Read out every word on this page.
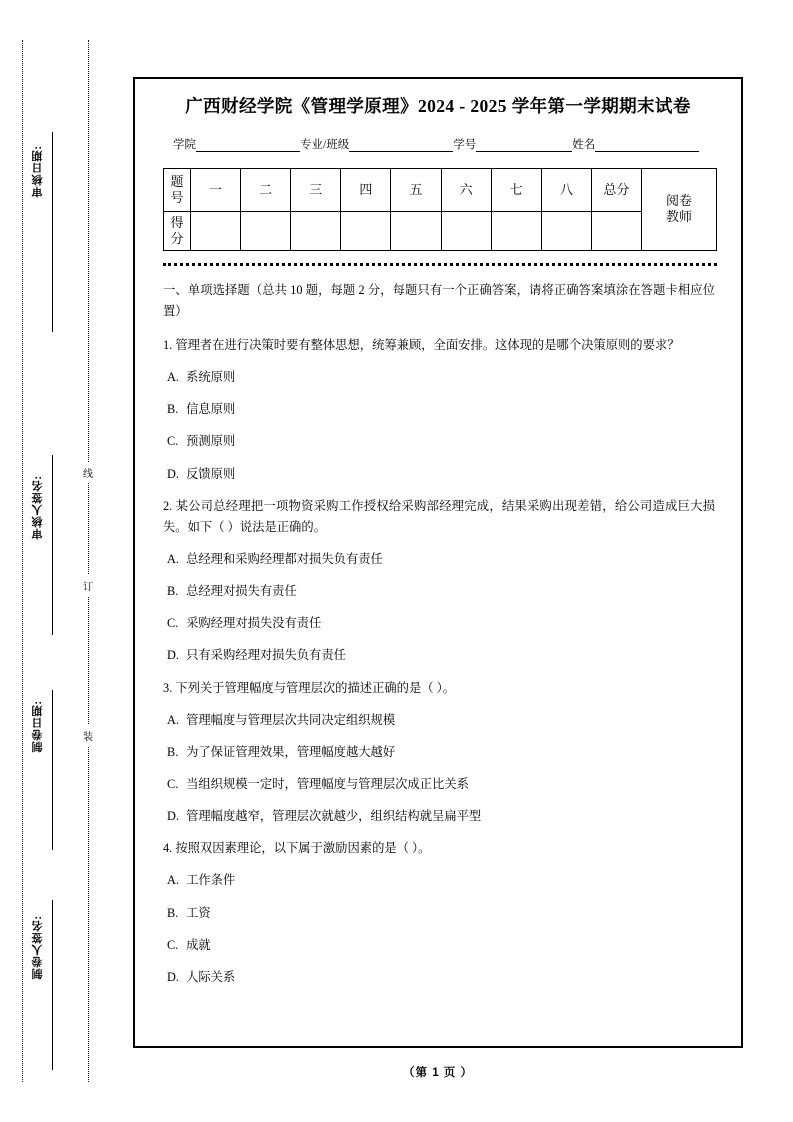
审核日期:
审核人签名:
制卷日期:
制卷人签名:
线
订
装
广西财经学院《管理学原理》2024 - 2025 学年第一学期期末试卷
学院	专业/班级	学号	姓名
题
号	一	二	三	四	五	六	七	八	总分	阅卷
教师

得
分										

一、单项选择题（总共 10 题，每题 2 分，每题只有一个正确答案，请将正确答案填涂在答题卡相应位置）
1. 管理者在进行决策时要有整体思想，统筹兼顾，全面安排。这体现的是哪个决策原则的要求？
A. 系统原则
B. 信息原则
C. 预测原则
D. 反馈原则
2. 某公司总经理把一项物资采购工作授权给采购部经理完成，结果采购出现差错，给公司造成巨大损失。如下（ ）说法是正确的。
A. 总经理和采购经理都对损失负有责任
B. 总经理对损失有责任
C. 采购经理对损失没有责任
D. 只有采购经理对损失负有责任
3. 下列关于管理幅度与管理层次的描述正确的是（ ）。
A. 管理幅度与管理层次共同决定组织规模
B. 为了保证管理效果，管理幅度越大越好
C. 当组织规模一定时，管理幅度与管理层次成正比关系
D. 管理幅度越窄，管理层次就越少，组织结构就呈扁平型
4. 按照双因素理论，以下属于激励因素的是（ ）。
A. 工作条件
B. 工资
C. 成就
D. 人际关系
（第 1 页 ）
